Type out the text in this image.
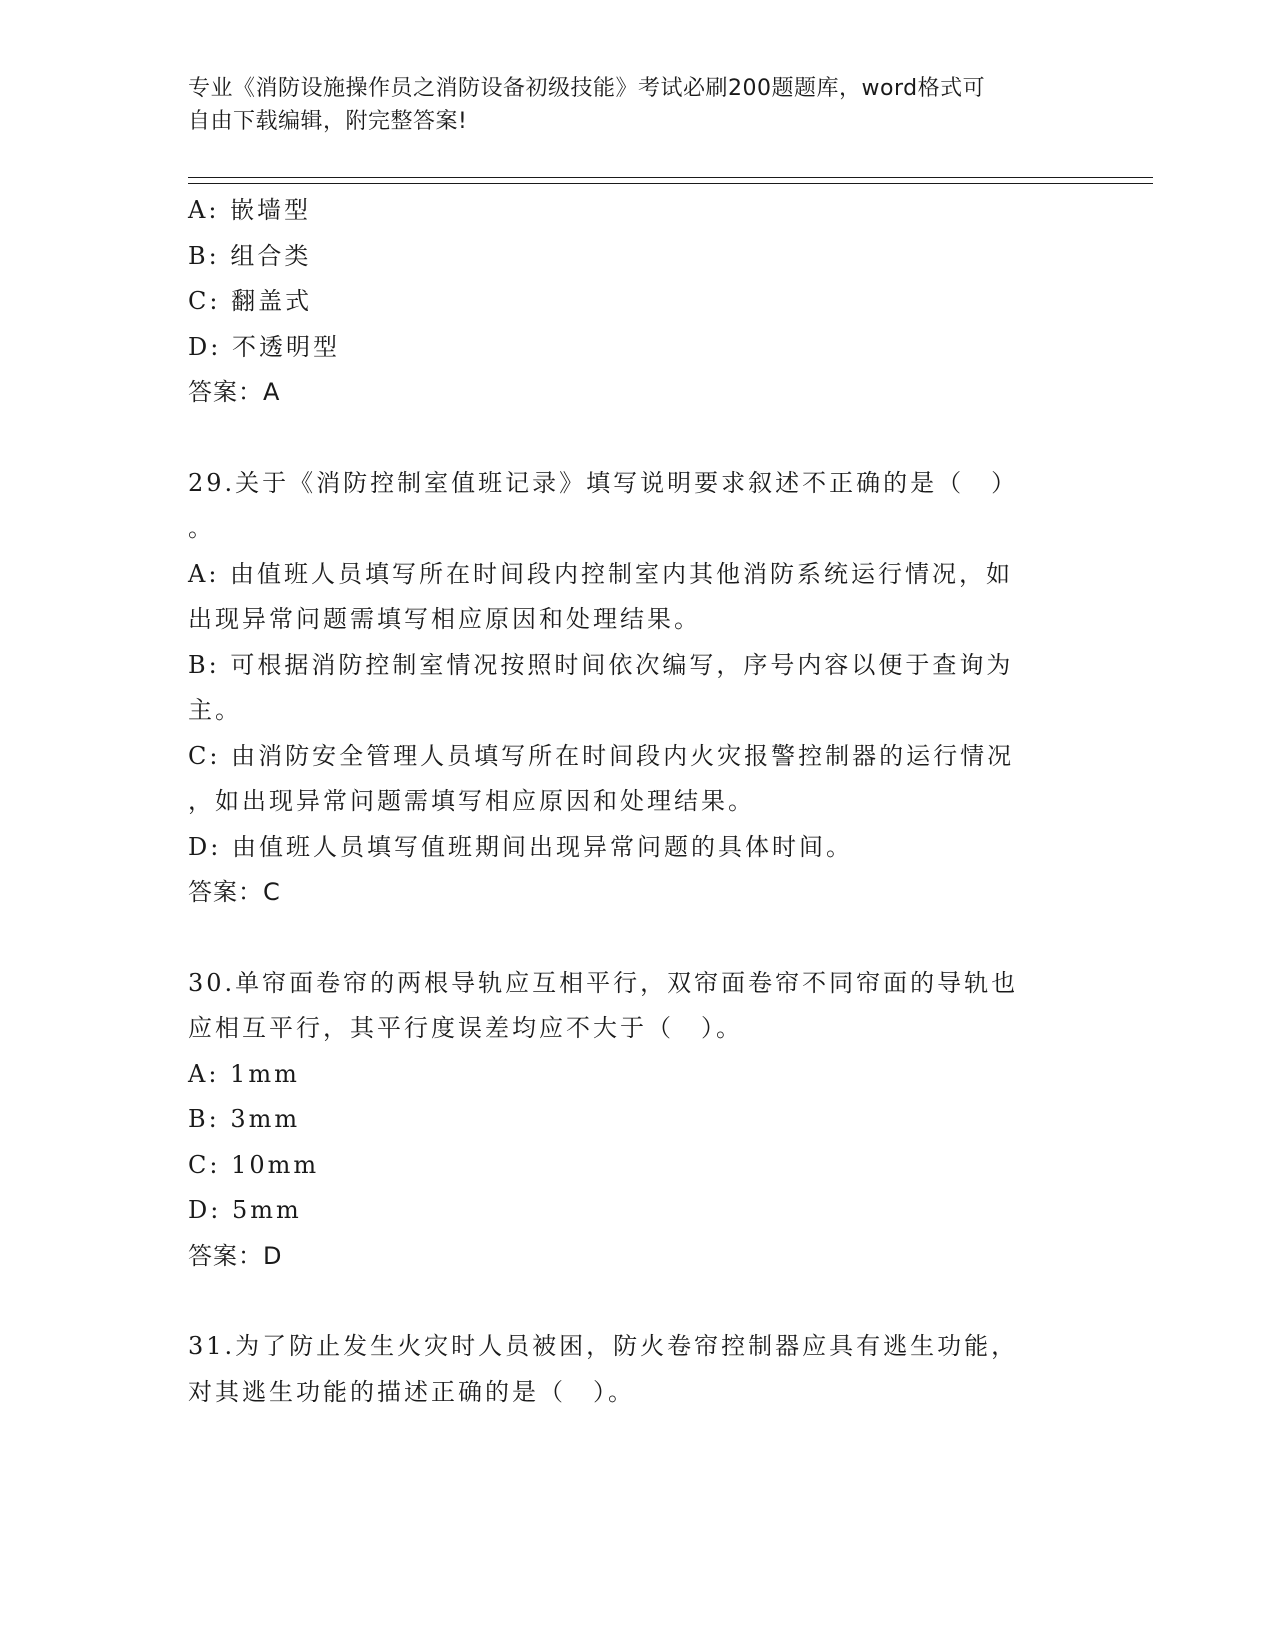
专业《消防设施操作员之消防设备初级技能》考试必刷200题题库，word格式可
自由下载编辑，附完整答案!
A: 嵌墙型
B: 组合类
C: 翻盖式
D: 不透明型
答案：A
29.关于《消防控制室值班记录》填写说明要求叙述不正确的是（　）
。
A: 由值班人员填写所在时间段内控制室内其他消防系统运行情况，如
出现异常问题需填写相应原因和处理结果。
B: 可根据消防控制室情况按照时间依次编写，序号内容以便于查询为
主。
C: 由消防安全管理人员填写所在时间段内火灾报警控制器的运行情况
，如出现异常问题需填写相应原因和处理结果。
D: 由值班人员填写值班期间出现异常问题的具体时间。
答案：C
30.单帘面卷帘的两根导轨应互相平行，双帘面卷帘不同帘面的导轨也
应相互平行，其平行度误差均应不大于（　）。
A: 1mm
B: 3mm
C: 10mm
D: 5mm
答案：D
31.为了防止发生火灾时人员被困，防火卷帘控制器应具有逃生功能，
对其逃生功能的描述正确的是（　）。
